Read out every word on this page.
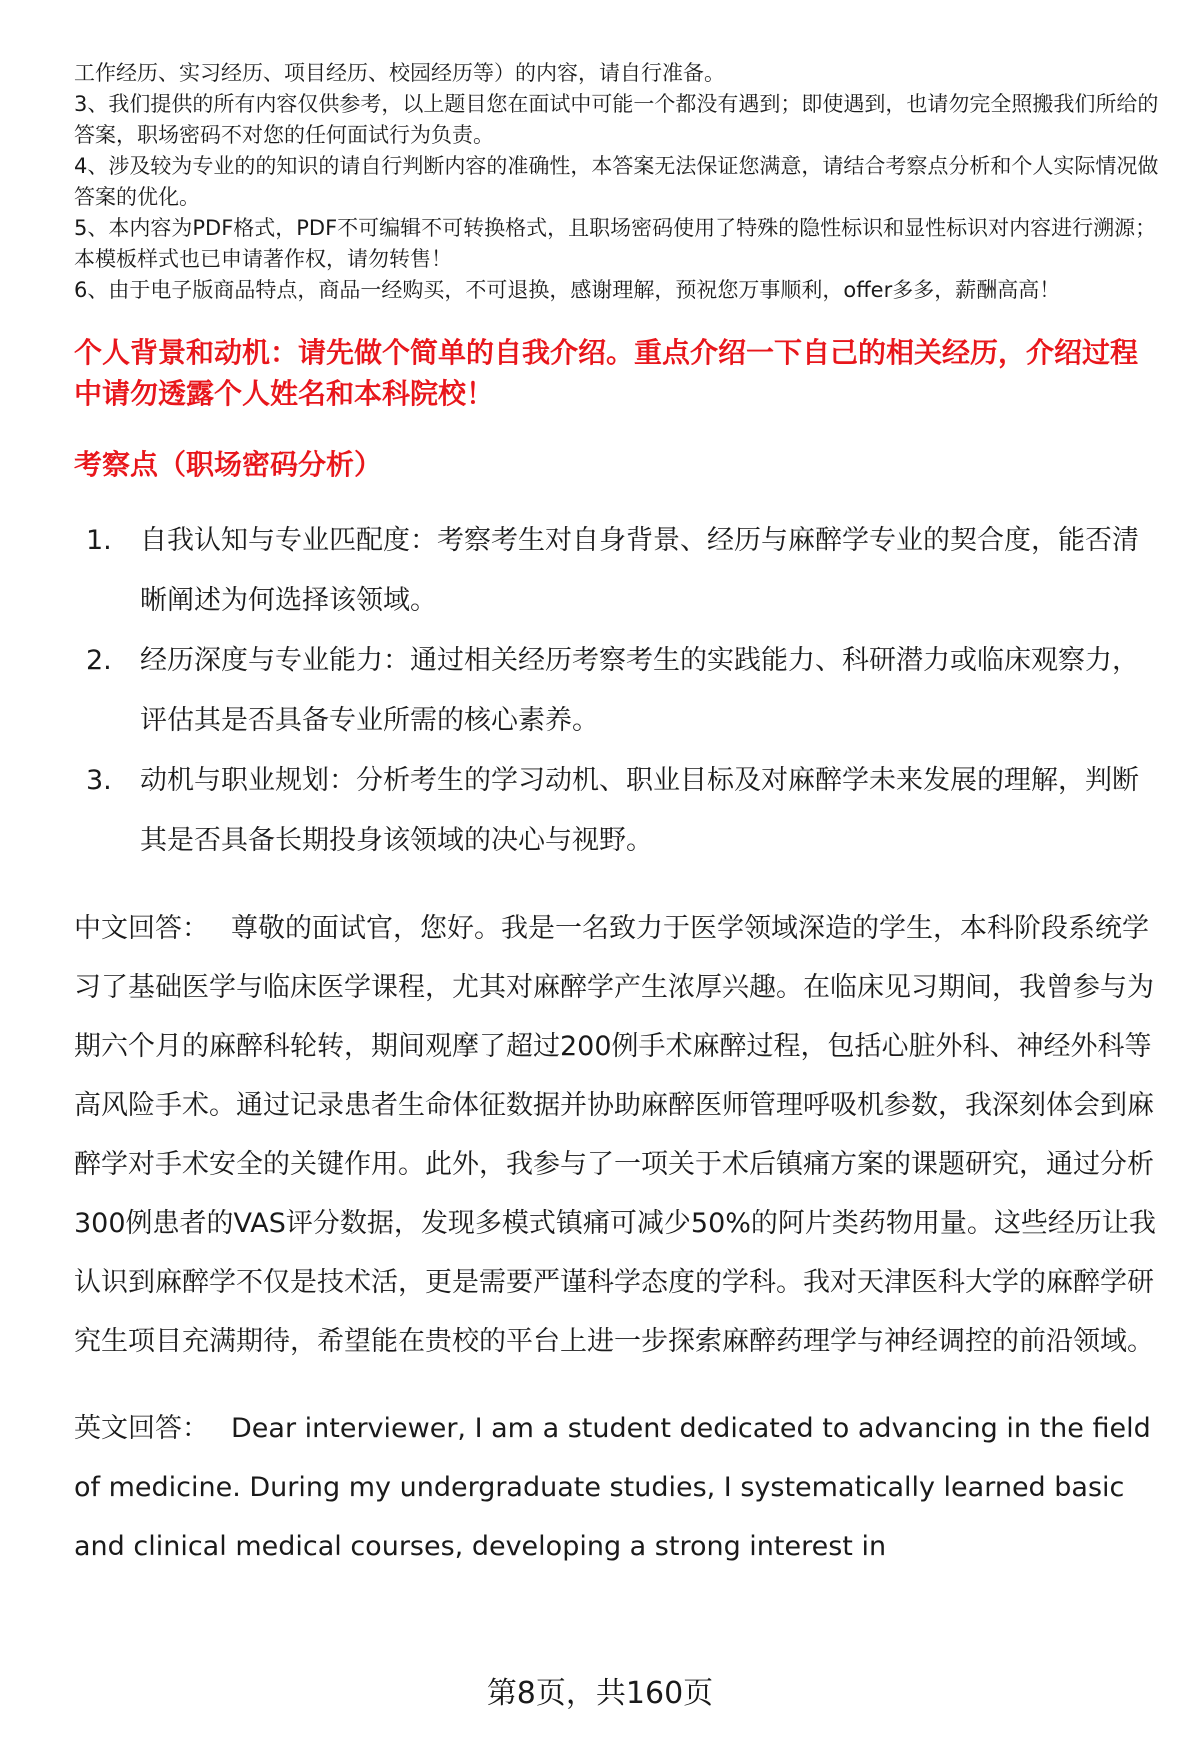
工作经历、实习经历、项目经历、校园经历等）的内容，请自行准备。

3、我们提供的所有内容仅供参考，以上题目您在面试中可能一个都没有遇到；即使遇到，也请勿完全照搬我们所给的答案，职场密码不对您的任何面试行为负责。

4、涉及较为专业的的知识的请自行判断内容的准确性，本答案无法保证您满意，请结合考察点分析和个人实际情况做答案的优化。

5、本内容为PDF格式，PDF不可编辑不可转换格式，且职场密码使用了特殊的隐性标识和显性标识对内容进行溯源；本模板样式也已申请著作权，请勿转售！

6、由于电子版商品特点，商品一经购买，不可退换，感谢理解，预祝您万事顺利，offer多多，薪酬高高！

个人背景和动机：请先做个简单的自我介绍。重点介绍一下自己的相关经历，介绍过程中请勿透露个人姓名和本科院校！
考察点（职场密码分析）
1.	自我认知与专业匹配度：考察考生对自身背景、经历与麻醉学专业的契合度，能否清晰阐述为何选择该领域。
2.	经历深度与专业能力：通过相关经历考察考生的实践能力、科研潜力或临床观察力，评估其是否具备专业所需的核心素养。
3.	动机与职业规划：分析考生的学习动机、职业目标及对麻醉学未来发展的理解，判断其是否具备长期投身该领域的决心与视野。
中文回答： 尊敬的面试官，您好。我是一名致力于医学领域深造的学生，本科阶段系统学习了基础医学与临床医学课程，尤其对麻醉学产生浓厚兴趣。在临床见习期间，我曾参与为期六个月的麻醉科轮转，期间观摩了超过200例手术麻醉过程，包括心脏外科、神经外科等高风险手术。通过记录患者生命体征数据并协助麻醉医师管理呼吸机参数，我深刻体会到麻醉学对手术安全的关键作用。此外，我参与了一项关于术后镇痛方案的课题研究，通过分析300例患者的VAS评分数据，发现多模式镇痛可减少50%的阿片类药物用量。这些经历让我认识到麻醉学不仅是技术活，更是需要严谨科学态度的学科。我对天津医科大学的麻醉学研究生项目充满期待，希望能在贵校的平台上进一步探索麻醉药理学与神经调控的前沿领域。
英文回答： Dear interviewer, I am a student dedicated to advancing in the field of medicine. During my undergraduate studies, I systematically learned basic and clinical medical courses, developing a strong interest in
第8页，共160页
